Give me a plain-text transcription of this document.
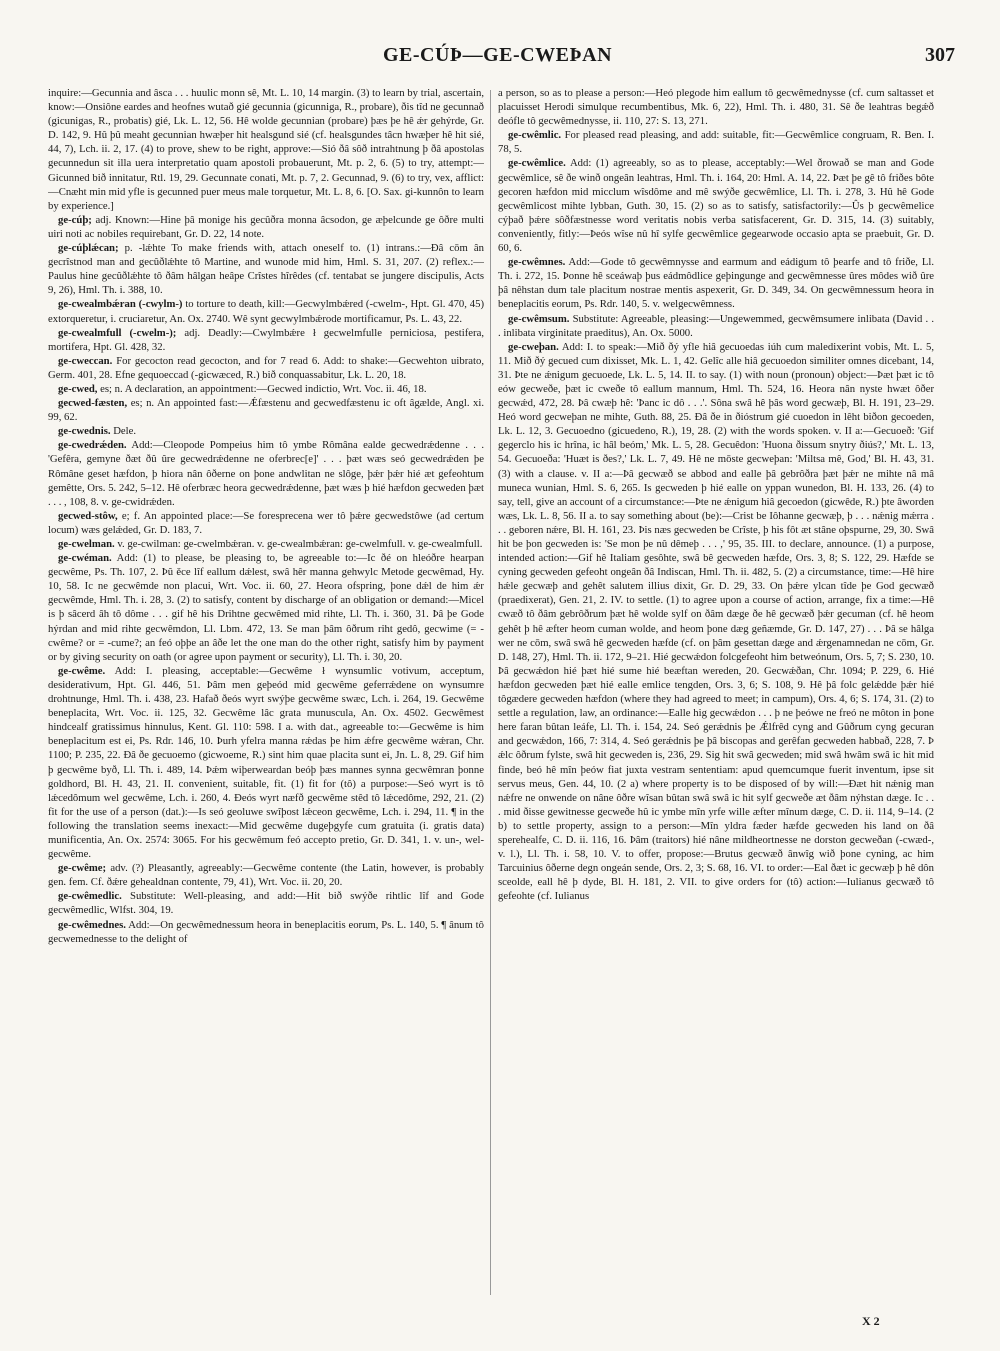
GE-CÚÞ—GE-CWEÞAN	307

inquire:—Gecunnia and âsca . . . huulic monn sê, Mt. L. 10, 14 margin. (3) to learn by trial, ascertain, know:—Onsiône eardes and heofnes wutað gié gecunnia (gicunniga, R., probare), ðis tîd ne gecunnað (gicunigas, R., probatis) gié, Lk. L. 12, 56. Hê wolde gecunnian (probare) þæs þe hê ǽr gehýrde, Gr. D. 142, 9. Hû þû meaht gecunnian hwæþer hit healsgund sié (cf. healsgundes tâcn hwæþer hê hit sié, 44, 7), Lch. ii. 2, 17. (4) to prove, shew to be right, approve:—Sió ðâ sôð intrahtnung þ ðâ apostolas gecunnedun sit illa uera interpretatio quam apostoli probauerunt, Mt. p. 2, 6. (5) to try, attempt:—Gicunned bið innitatur, Rtl. 19, 29. Gecunnate conati, Mt. p. 7, 2. Gecunnad, 9. (6) to try, vex, afflict:—Cnæht min mid yfle is gecunned puer meus male torquetur, Mt. L. 8, 6. [O. Sax. gi-kunnôn to learn by experience.]

ge-cúþ; adj. Known:—Hine þâ monige his gecûðra monna âcsodon, ge æþelcunde ge ôðre multi uiri noti ac nobiles requirebant, Gr. D. 22, 14 note.

ge-cúþlǽcan; p. -lǽhte To make friends with, attach oneself to. (1) intrans.:—Ðâ cōm ân gecrîstnod man and gecûðlǽhte tô Martine, and wunode mid him, Hml. S. 31, 207. (2) reflex.:—Paulus hine gecûðlǽhte tô ðâm hâlgan heâpe Crîstes hîrêdes (cf. tentabat se jungere discipulis, Acts 9, 26), Hml. Th. i. 388, 10.

ge-cwealmbǽran (-cwylm-) to torture to death, kill:—Gecwylmbǽred (-cwelm-, Hpt. Gl. 470, 45) extorqueretur, i. cruciaretur, An. Ox. 2740. Wê synt gecwylmbǽrode mortificamur, Ps. L. 43, 22.

ge-cwealmfull (-cwelm-); adj. Deadly:—Cwylmbǽre ł gecwelmfulle perniciosa, pestifera, mortifera, Hpt. Gl. 428, 32.

ge-cweccan. For gecocton read gecocton, and for 7 read 6. Add: to shake:—Gecwehton uibrato, Germ. 401, 28. Efne gequoeccad (-gicwæced, R.) bið conquassabitur, Lk. L. 20, 18.

ge-cwed, es; n. A declaration, an appointment:—Gecwed indictio, Wrt. Voc. ii. 46, 18.

gecwed-fæsten, es; n. An appointed fast:—Ǽfæstenu and gecwedfæstenu ic oft âgælde, Angl. xi. 99, 62.

ge-cwednis. Dele.

ge-cwedrǽden. Add:—Cleopode Pompeius him tô ymbe Rômâna ealde gecwedrǽdenne . . . 'Gefêra, gemyne ðæt ðû ûre gecwedrǽdenne ne oferbrec[e]' . . . þæt wæs seó gecwedrǽden þe Rômâne geset hæfdon, þ hiora nân ôðerne on þone andwlitan ne slôge, þǽr þǽr hié æt gefeohtum gemêtte, Ors. 5. 242, 5–12. Hê oferbræc heora gecwedrǽdenne, þæt wæs þ hié hæfdon gecweden þæt . . . , 108, 8. v. ge-cwidrǽden.

gecwed-stôw, e; f. An appointed place:—Se foresprecena wer tô þǽre gecwedstôwe (ad certum locum) wæs gelǽded, Gr. D. 183, 7.

ge-cwelman. v. ge-cwilman: ge-cwelmbǽran. v. ge-cwealmbǽran: ge-cwelmfull. v. ge-cwealmfull.

ge-cwéman. Add: (1) to please, be pleasing to, be agreeable to:—Ic ðé on hleóðre hearpan gecwême, Ps. Th. 107, 2. Þû ěce lîf eallum dǽlest, swâ hêr manna gehwylc Metode gecwêmad, Hy. 10, 58. Ic ne gecwêmde non placui, Wrt. Voc. ii. 60, 27. Heora ofspring, þone dǽl de him ǽr gecwêmde, Hml. Th. i. 28, 3. (2) to satisfy, content by discharge of an obligation or demand:—Micel is þ sâcerd âh tô dôme . . . gif hê his Drihtne gecwêmed mid rihte, Ll. Th. i. 360, 31. Þâ þe Gode hýrdan and mid rihte gecwêmdon, Ll. Lbm. 472, 13. Se man þâm ôðrum riht gedô, gecwime (= -cwême? or = -cume?; an feó oþþe an âðe let the one man do the other right, satisfy him by payment or by giving security on oath (or agree upon payment or security), Ll. Th. i. 30, 20.

ge-cwême. Add: I. pleasing, acceptable:—Gecwême ł wynsumlic votivum, acceptum, desiderativum, Hpt. Gl. 446, 51. Þâm men geþeód mid gecwême geferrǽdene on wynsumre drohtnunge, Hml. Th. i. 438, 23. Hafað ðeós wyrt swýþe gecwême swæc, Lch. i. 264, 19. Gecwême beneplacita, Wrt. Voc. ii. 125, 32. Gecwême lâc grata munuscula, An. Ox. 4502. Gecwêmest hindcealf gratissimus hinnulus, Kent. Gl. 110: 598. I a. with dat., agreeable to:—Gecwême is him beneplacitum est ei, Ps. Rdr. 146, 10. Þurh yfelra manna rǽdas þe him ǽfre gecwême wǽran, Chr. 1100; P. 235, 22. Ðâ ðe gecuoemo (gicwoeme, R.) sint him quae placita sunt ei, Jn. L. 8, 29. Gif him þ gecwême byð, Ll. Th. i. 489, 14. Þǽm wiþerweardan beóþ þæs mannes synna gecwêmran þonne goldhord, Bl. H. 43, 21. II. convenient, suitable, fit. (1) fit for (tô) a purpose:—Seó wyrt is tô lǽcedômum wel gecwême, Lch. i. 260, 4. Ðeós wyrt næfð gecwême stêd tô lǽcedôme, 292, 21. (2) fit for the use of a person (dat.):—Is seó geoluwe swîþost lǽceon gecwême, Lch. i. 294, 11. ¶ in the following the translation seems inexact:—Mid gecwême dugeþgyfe cum gratuita (i. gratis data) munificentia, An. Ox. 2574: 3065. For his gecwêmum feó accepto pretio, Gr. D. 341, 1. v. un-, wel-gecwême.

ge-cwême; adv. (?) Pleasantly, agreeably:—Gecwême contente (the Latin, however, is probably gen. fem. Cf. ðǽre gehealdnan contente, 79, 41), Wrt. Voc. ii. 20, 20.

ge-cwêmedlic. Substitute: Well-pleasing, and add:—Hit bið swýðe rihtlic lîf and Gode gecwêmedlic, Wlfst. 304, 19.

ge-cwêmednes. Add:—On gecwêmednessum heora in beneplacitis eorum, Ps. L. 140, 5. ¶ ânum tô gecwemednesse to the delight of

a person, so as to please a person:—Heó plegode him eallum tô gecwêmednysse (cf. cum saltasset et placuisset Herodi simulque recumbentibus, Mk. 6, 22), Hml. Th. i. 480, 31. Sê ðe leahtras begǽð deófle tô gecwêmednysse, ii. 110, 27: S. 13, 271.

ge-cwêmlic. For pleased read pleasing, and add: suitable, fit:—Gecwêmlice congruam, R. Ben. I. 78, 5.

ge-cwêmlice. Add: (1) agreeably, so as to please, acceptably:—Wel ðrowað se man and Gode gecwêmlice, sê ðe winð ongeân leahtras, Hml. Th. i. 164, 20: Hml. A. 14, 22. Þæt þe gê tô friðes bôte gecoren hæfdon mid micclum wîsdôme and mê swýðe gecwêmlice, Ll. Th. i. 278, 3. Hû hê Gode gecwêmlicost mihte lybban, Guth. 30, 15. (2) so as to satisfy, satisfactorily:—Ûs þ gecwêmelice cýþað þǽre sôðfæstnesse word veritatis nobis verba satisfacerent, Gr. D. 315, 14. (3) suitably, conveniently, fitly:—Þeós wîse nû hî sylfe gecwêmlice gegearwode occasio apta se praebuit, Gr. D. 60, 6.

ge-cwêmnes. Add:—Gode tô gecwêmnysse and earmum and eádigum tô þearfe and tô friðe, Ll. Th. i. 272, 15. Þonne hê sceáwaþ þus eádmôdlice geþingunge and gecwêmnesse ûres môdes wið ûre þâ nêhstan dum tale placitum nostrae mentis aspexerit, Gr. D. 349, 34. On gecwêmnessum heora in beneplacitis eorum, Ps. Rdr. 140, 5. v. welgecwêmness.

ge-cwêmsum. Substitute: Agreeable, pleasing:—Ungewemmed, gecwêmsumere inlibata (David . . . inlibata virginitate praeditus), An. Ox. 5000.

ge-cweþan. Add: I. to speak:—Mið ðý yfle hiâ gecuoedas iúh cum maledixerint vobis, Mt. L. 5, 11. Mið ðý gecued cum dixisset, Mk. L. 1, 42. Gelîc alle hiâ gecuoedon similiter omnes dicebant, 14, 31. Þte ne ǽnigum gecuoede, Lk. L. 5, 14. II. to say. (1) with noun (pronoun) object:—Þæt þæt ic tô eów gecweðe, þæt ic cweðe tô eallum mannum, Hml. Th. 524, 16. Heora nân nyste hwæt ôðer gecwǽd, 472, 28. Þâ cwæþ hê: 'Þanc ic dô . . .'. Sôna swâ hê þâs word gecwæþ, Bl. H. 191, 23–29. Heó word gecweþan ne mihte, Guth. 88, 25. Ðâ ðe in ðióstrum gié cuoedon in lêht biðon gecoeden, Lk. L. 12, 3. Gecuoedno (gicuedeno, R.), 19, 28. (2) with the words spoken. v. II a:—Gecuoeð: 'Gif gegerclo his ic hrîna, ic hâl beóm,' Mk. L. 5, 28. Gecuêdon: 'Huona ðissum snytry ðiús?,' Mt. L. 13, 54. Gecuoeða: 'Huæt is ðes?,' Lk. L. 7, 49. Hê ne mōste gecweþan: 'Miltsa mê, God,' Bl. H. 43, 31. (3) with a clause. v. II a:—Þâ gecwæð se abbod and ealle þâ gebrôðra þæt þǽr ne mihte nâ mâ muneca wunian, Hml. S. 6, 265. Is gecweden þ hié ealle on yppan wunedon, Bl. H. 133, 26. (4) to say, tell, give an account of a circumstance:—Þte ne ǽnigum hiâ gecoedon (gicwêde, R.) þte âworden wæs, Lk. L. 8, 56. II a. to say something about (be):—Crist be Iôhanne gecwæþ, þ . . . nǽnig mǽrra . . . geboren nǽre, Bl. H. 161, 23. Þis næs gecweden be Crîste, þ his fôt æt stâne oþspurne, 29, 30. Swâ hit be þon gecweden is: 'Se mon þe nû dêmeþ . . . ,' 95, 35. III. to declare, announce. (1) a purpose, intended action:—Gif hê Italiam gesôhte, swâ bê gecweden hæfde, Ors. 3, 8; S. 122, 29. Hæfde se cyning gecweden gefeoht ongeân ðâ Indiscan, Hml. Th. ii. 482, 5. (2) a circumstance, time:—Hê hire hǽle gecwæþ and gehêt salutem illius dixit, Gr. D. 29, 33. On þǽre ylcan tîde þe God gecwæð (praedixerat), Gen. 21, 2. IV. to settle. (1) to agree upon a course of action, arrange, fix a time:—Hê cwæð tô ðâm gebrôðrum þæt hê wolde sylf on ðâm dæge ðe hê gecwæð þǽr gecuman (cf. hê heom gehêt þ hê æfter heom cuman wolde, and heom þone dæg geñæmde, Gr. D. 147, 27) . . . Þâ se hâlga wer ne cōm, swâ swâ hê gecweden hæfde (cf. on þâm gesettan dæge and ǽrgenamnedan ne cōm, Gr. D. 148, 27), Hml. Th. ii. 172, 9–21. Hié gecwǽdon folcgefeoht him betweónum, Ors. 5, 7; S. 230, 10. Þâ gecwǽdon hié þæt hié sume hié beæftan wereden, 20. Gecwǽðan, Chr. 1094; P. 229, 6. Hié hæfdon gecweden þæt hié ealle emlice tengden, Ors. 3, 6; S. 108, 9. Hê þâ folc gelǽdde þǽr hié tôgædere gecweden hæfdon (where they had agreed to meet; in campum), Ors. 4, 6; S. 174, 31. (2) to settle a regulation, law, an ordinance:—Ealle hig gecwǽdon . . . þ ne þeówe ne freó ne môton in þone here faran bûtan leáfe, Ll. Th. i. 154, 24. Seó gerǽdnis þe Ǽlfrêd cyng and Gûðrum cyng gecuran and gecwǽdon, 166, 7: 314, 4. Seó gerǽdnis þe þâ biscopas and gerêfan gecweden habbað, 228, 7. Þ ǽlc ôðrum fylste, swâ hit gecweden is, 236, 29. Sig hit swâ gecweden; mid swâ hwâm swâ ic hit mid finde, beó hê mîn þeów fiat juxta vestram sententiam: apud quemcumque fuerit inventum, ipse sit servus meus, Gen. 44, 10. (2 a) where property is to be disposed of by will:—Ðæt hit nǽnig man nǽfre ne onwende on nâne ôðre wîsan bûtan swâ swâ ic hit sylf gecweðe æt ðâm nýhstan dæge. Ic . . . mid ðisse gewitnesse gecweðe hû ic ymbe mîn yrfe wille æfter mînum dæge, C. D. ii. 114, 9–14. (2 b) to settle property, assign to a person:—Mîn yldra fæder hæfde gecweden his land on ðâ sperehealfe, C. D. ii. 116, 16. Þâm (traitors) hié nâne mildheortnesse ne dorston gecweðan (-cwæd-, v. l.), Ll. Th. i. 58, 10. V. to offer, propose:—Brutus gecwæð ânwîg wið þone cyning, ac him Tarcuinius ôðerne degn ongeán sende, Ors. 2, 3; S. 68, 16. VI. to order:—Eal ðæt ic gecwæþ þ hê dôn sceolde, eall hê þ dyde, Bl. H. 181, 2. VII. to give orders for (tô) action:—Iulianus gecwæð tô gefeohte (cf. Iulianus

X 2
